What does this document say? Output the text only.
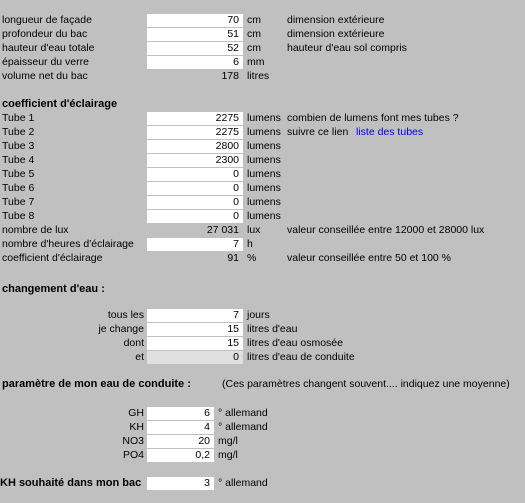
longueur de façade	70 cm dimension extérieure
profondeur du bac	51 cm dimension extérieure
hauteur d'eau totale	52 cm hauteur d'eau sol compris
épaisseur du verre	6 mm
volume net du bac	178 litres
coefficient d'éclairage
Tube 1	2275 lumens combien de lumens font mes tubes ?
Tube 2	2275 lumens suivre ce lien liste des tubes
Tube 3	2800 lumens
Tube 4	2300 lumens
Tube 5	0 lumens
Tube 6	0 lumens
Tube 7	0 lumens
Tube 8	0 lumens
nombre de lux	27 031 lux	valeur conseillée entre 12000 et 28000 lux
nombre d'heures d'éclairage	7 h
coefficient d'éclairage	91 %	valeur conseillée entre 50 et 100 %
changement d'eau :
tous les	7 jours
je change	15 litres d'eau
dont	15 litres d'eau osmosée
et	0 litres d'eau de conduite
paramètre de mon eau de conduite :	(Ces paramètres changent souvent.... indiquez une moyenne)
GH	6 ° allemand
KH	4 ° allemand
NO3	20 mg/l
PO4	0,2 mg/l
KH souhaité dans mon bac	3 ° allemand
